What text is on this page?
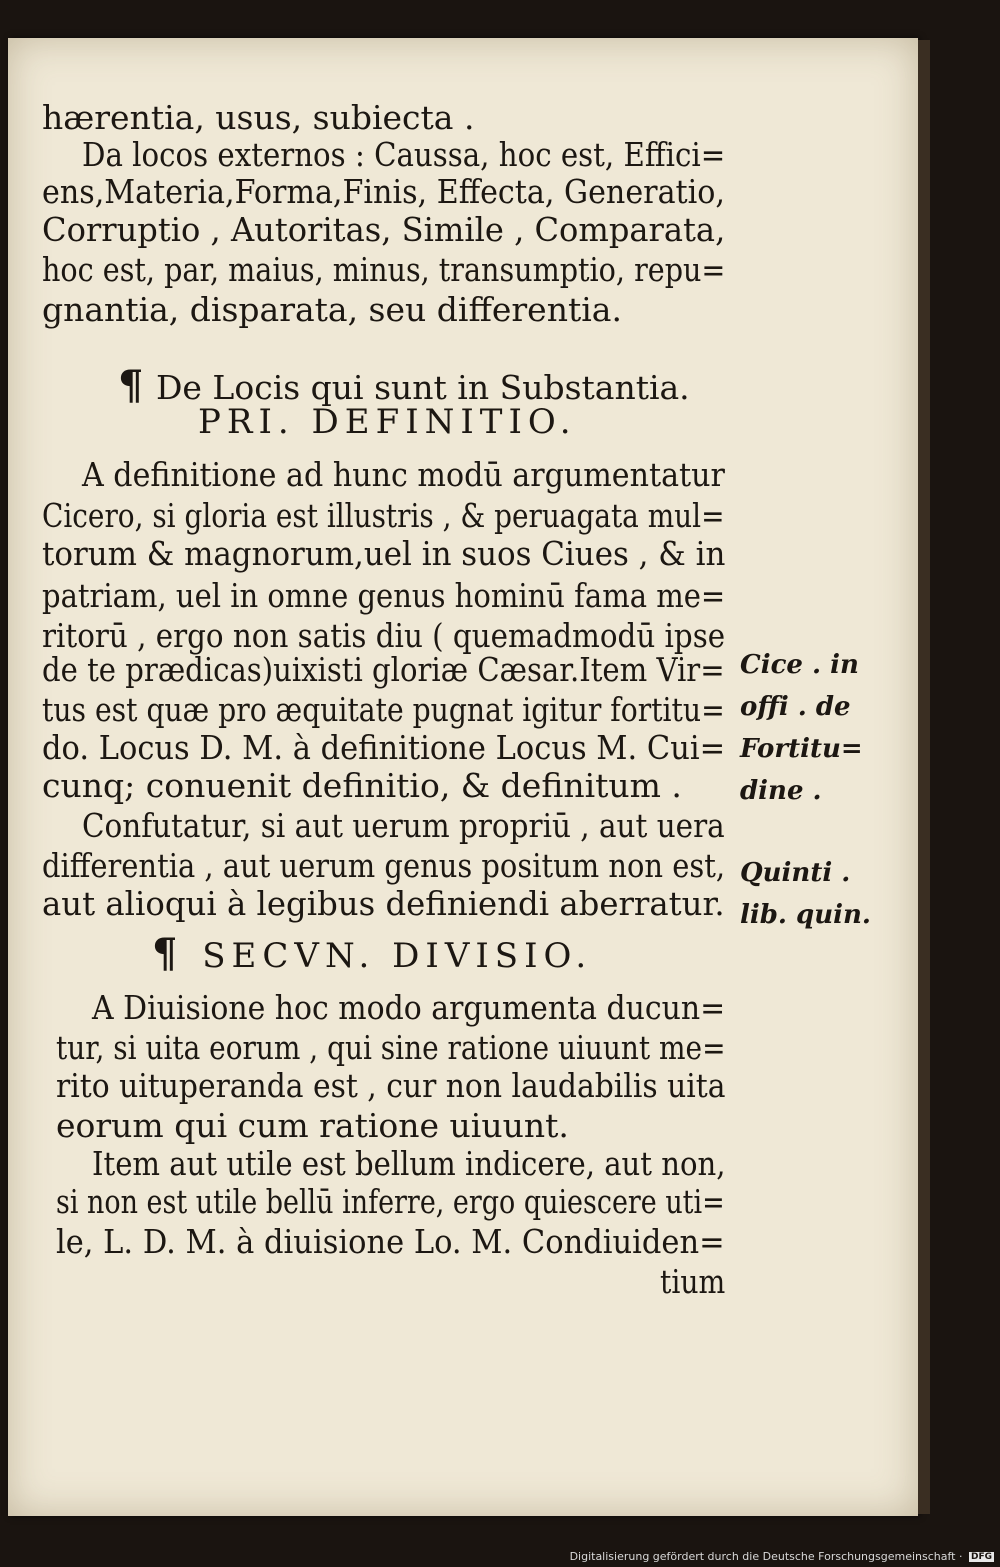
hærentia, usus, subiecta .
Da locos externos : Caussa, hoc est, Effici=
ens,Materia,Forma,Finis, Effecta, Generatio,
Corruptio , Autoritas, Simile , Comparata,
hoc est, par, maius, minus, transumptio, repu=
gnantia, disparata, seu differentia.
¶ De Locis qui sunt in Substantia.
PRI. DEFINITIO.
A definitione ad hunc modū argumentatur
Cicero, si gloria est illustris , & peruagata mul=
torum & magnorum,uel in suos Ciues , & in
patriam, uel in omne genus hominū fama me=
ritorū , ergo non satis diu ( quemadmodū ipse
de te prædicas)uixisti gloriæ Cæsar.Item Vir=
tus est quæ pro æquitate pugnat igitur fortitu=
do. Locus D. M. à definitione Locus M. Cui=
cunq; conuenit definitio, & definitum .
Confutatur, si aut uerum propriū , aut uera
differentia , aut uerum genus positum non est,
aut alioqui à legibus definiendi aberratur.
Cice . in
offi . de
Fortitu=
dine .
Quinti .
lib. quin.
¶ SECVN. DIVISIO.
A Diuisione hoc modo argumenta ducun=
tur, si uita eorum , qui sine ratione uiuunt me=
rito uituperanda est , cur non laudabilis uita
eorum qui cum ratione uiuunt.
Item aut utile est bellum indicere, aut non,
si non est utile bellū inferre, ergo quiescere uti=
le, L. D. M. à diuisione Lo. M. Condiuiden=
tium
Digitalisierung gefördert durch die Deutsche Forschungsgemeinschaft · DFG
